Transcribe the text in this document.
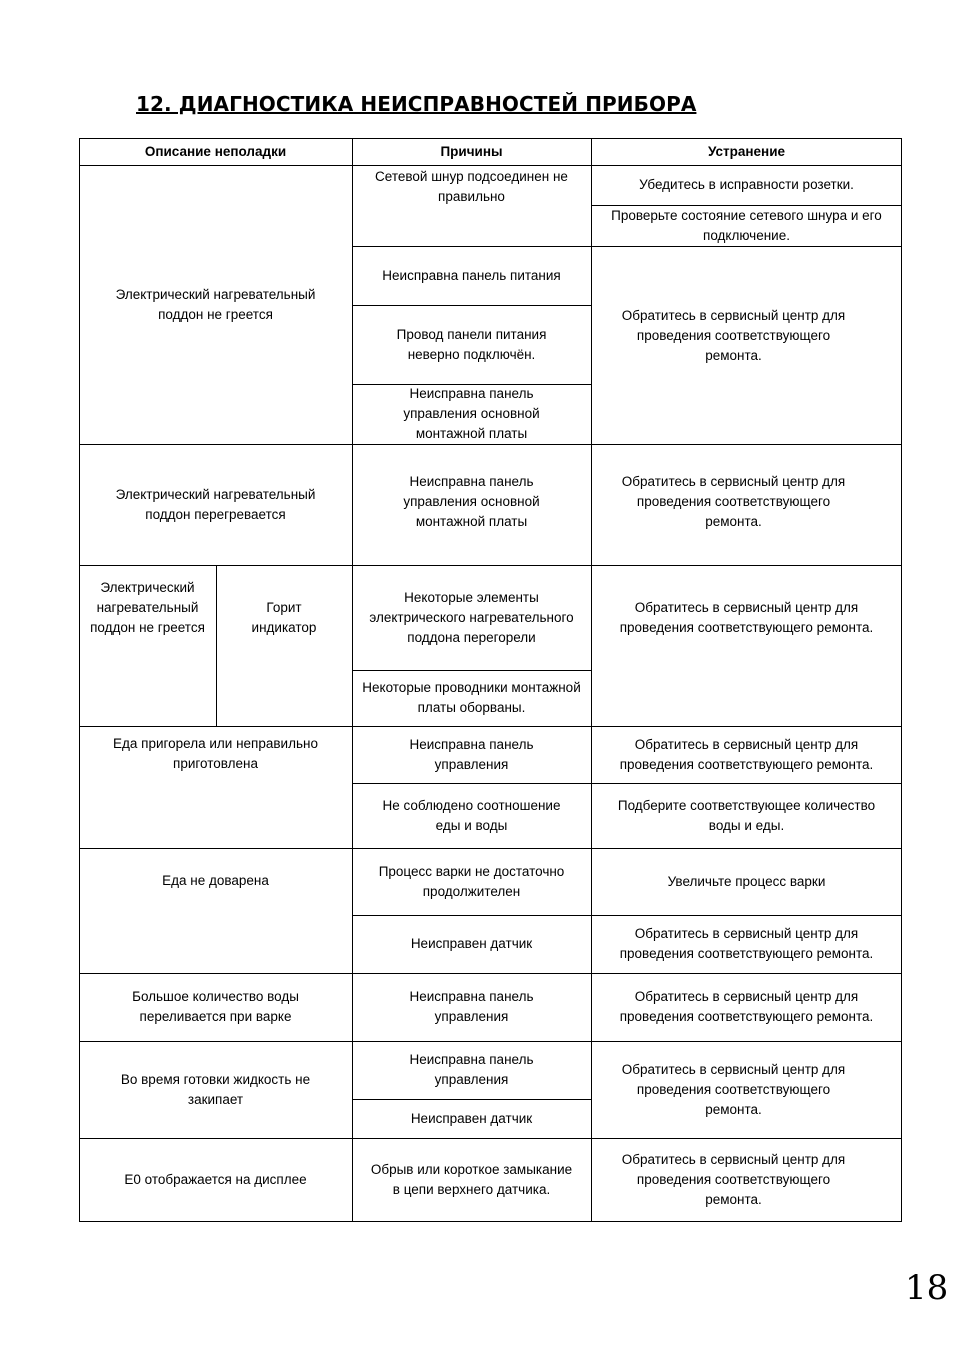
12. ДИАГНОСТИКА НЕИСПРАВНОСТЕЙ ПРИБОРА
Описание неполадки	Причины	Устранение
Электрический нагревательный поддон не греется
Сетевой шнур подсоединен не правильно
Убедитесь в исправности розетки.
Проверьте состояние сетевого шнура и его подключение.
Неисправна панель питания
Провод панели питания неверно подключён.
Неисправна панель управления основной монтажной платы
Обратитесь в сервисный центр для проведения соответствующего ремонта.
Электрический нагревательный поддон перегревается
Неисправна панель управления основной монтажной платы
Обратитесь в сервисный центр для проведения соответствующего ремонта.
Электрический нагревательный поддон не греется
Горит индикатор
Некоторые элементы электрического нагревательного поддона перегорели
Некоторые проводники монтажной платы оборваны.
Обратитесь в сервисный центр для проведения соответствующего ремонта.
Еда пригорела или неправильно приготовлена
Неисправна панель управления
Обратитесь в сервисный центр для проведения соответствующего ремонта.
Не соблюдено соотношение еды и воды
Подберите соответствующее количество воды и еды.
Еда не доварена
Процесс варки не достаточно продолжителен
Увеличьте процесс варки
Неисправен датчик
Обратитесь в сервисный центр для проведения соответствующего ремонта.
Большое количество воды переливается при варке
Неисправна панель управления
Обратитесь в сервисный центр для проведения соответствующего ремонта.
Во время готовки жидкость не закипает
Неисправна панель управления
Неисправен датчик
Обратитесь в сервисный центр для проведения соответствующего ремонта.
Е0 отображается на дисплее
Обрыв или короткое замыкание в цепи верхнего датчика.
Обратитесь в сервисный центр для проведения соответствующего ремонта.
18
